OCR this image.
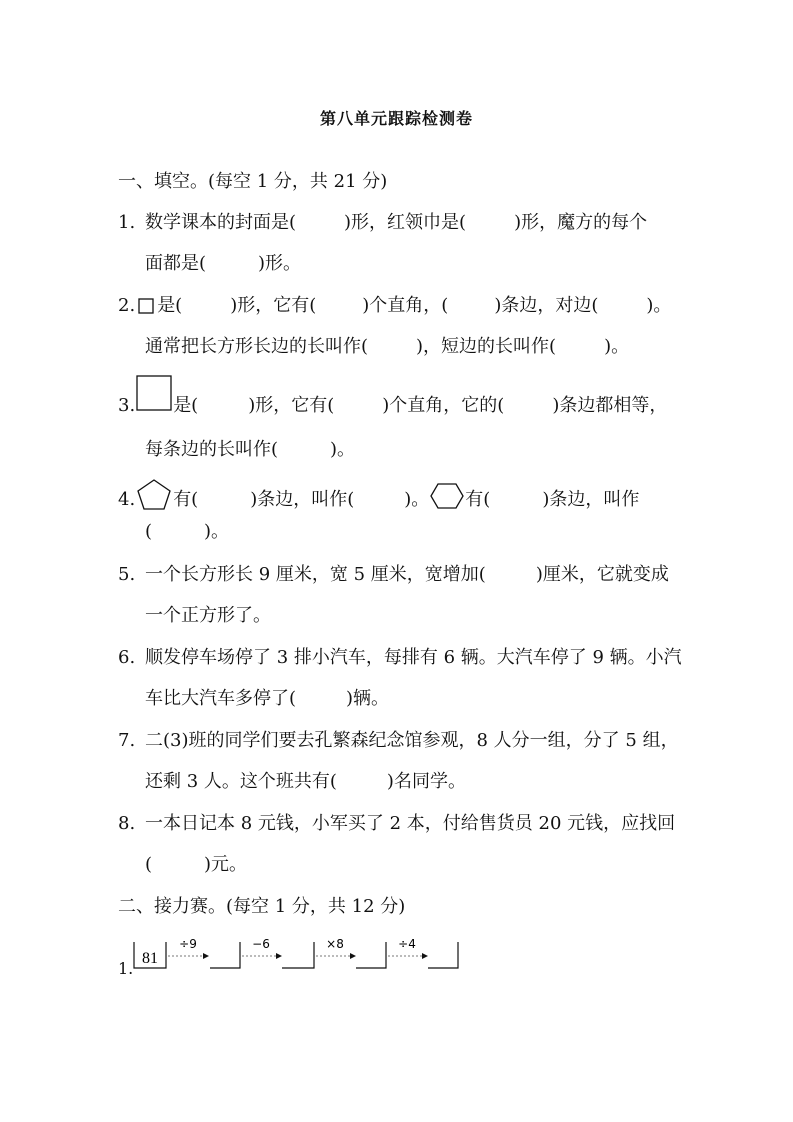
第八单元跟踪检测卷
一、填空。(每空 1 分，共 21 分)
1. 数学课本的封面是(	)形，红领巾是(	)形，魔方的每个
面都是(	)形。
2. 是(	)形，它有(	)个直角，(	)条边，对边(	)。
通常把长方形长边的长叫作(	)，短边的长叫作(	)。
3. 是(	)形，它有(	)个直角，它的(	)条边都相等，
每条边的长叫作(	)。
4. 有(	)条边，叫作(	)。 有(	)条边，叫作
(	)。
5. 一个长方形长 9 厘米，宽 5 厘米，宽增加(	)厘米，它就变成
一个正方形了。
6. 顺发停车场停了 3 排小汽车，每排有 6 辆。大汽车停了 9 辆。小汽
车比大汽车多停了(	)辆。
7. 二(3)班的同学们要去孔繁森纪念馆参观，8 人分一组，分了 5 组，
还剩 3 人。这个班共有(	)名同学。
8. 一本日记本 8 元钱，小军买了 2 本，付给售货员 20 元钱，应找回
(	)元。
二、接力赛。(每空 1 分，共 12 分)
1.
81
÷9	−6	×8	÷4
